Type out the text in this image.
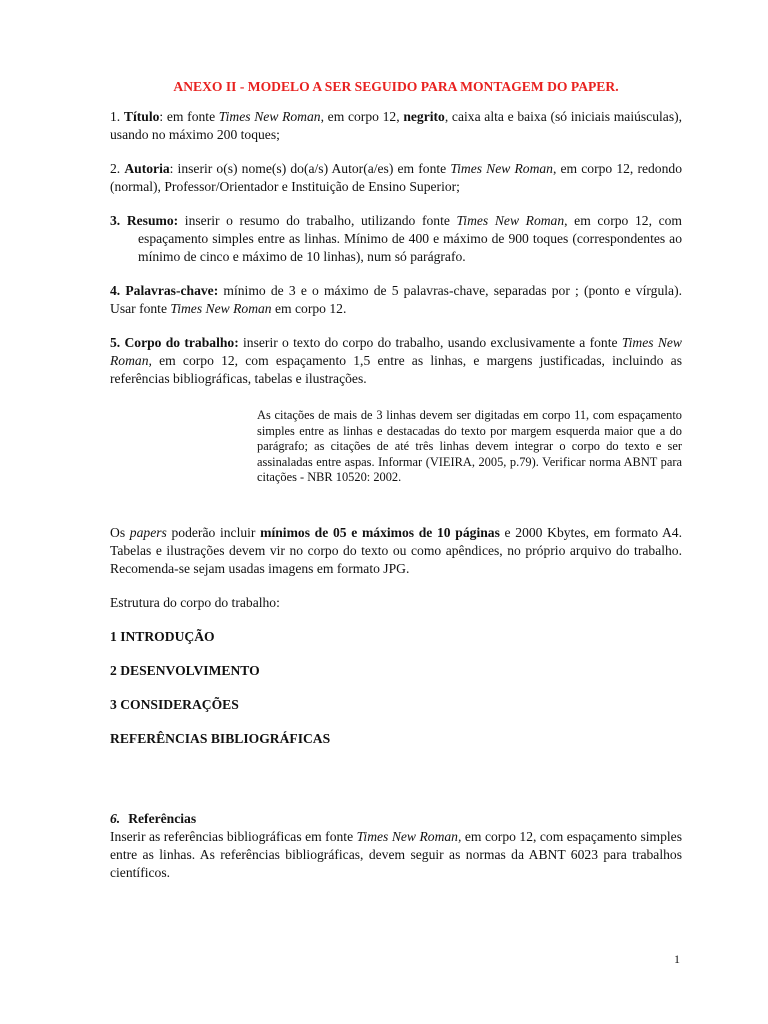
ANEXO II - MODELO A SER SEGUIDO PARA MONTAGEM DO PAPER.

1. Título: em fonte Times New Roman, em corpo 12, negrito, caixa alta e baixa (só iniciais maiúsculas), usando no máximo 200 toques;

2. Autoria: inserir o(s) nome(s) do(a/s) Autor(a/es) em fonte Times New Roman, em corpo 12, redondo (normal), Professor/Orientador e Instituição de Ensino Superior;

3. Resumo: inserir o resumo do trabalho, utilizando fonte Times New Roman, em corpo 12, com espaçamento simples entre as linhas. Mínimo de 400 e máximo de 900 toques (correspondentes ao mínimo de cinco e máximo de 10 linhas), num só parágrafo.

4. Palavras-chave: mínimo de 3 e o máximo de 5 palavras-chave, separadas por ; (ponto e vírgula). Usar fonte Times New Roman em corpo 12.

5. Corpo do trabalho: inserir o texto do corpo do trabalho, usando exclusivamente a fonte Times New Roman, em corpo 12, com espaçamento 1,5 entre as linhas, e margens justificadas, incluindo as referências bibliográficas, tabelas e ilustrações.

As citações de mais de 3 linhas devem ser digitadas em corpo 11, com espaçamento simples entre as linhas e destacadas do texto por margem esquerda maior que a do parágrafo; as citações de até três linhas devem integrar o corpo do texto e ser assinaladas entre aspas. Informar (VIEIRA, 2005, p.79). Verificar norma ABNT para citações - NBR 10520: 2002.

Os papers poderão incluir mínimos de 05 e máximos de 10 páginas e 2000 Kbytes, em formato A4. Tabelas e ilustrações devem vir no corpo do texto ou como apêndices, no próprio arquivo do trabalho. Recomenda-se sejam usadas imagens em formato JPG.

Estrutura do corpo do trabalho:

1 INTRODUÇÃO

2 DESENVOLVIMENTO

3 CONSIDERAÇÕES

REFERÊNCIAS BIBLIOGRÁFICAS

6. Referências

Inserir as referências bibliográficas em fonte Times New Roman, em corpo 12, com espaçamento simples entre as linhas. As referências bibliográficas, devem seguir as normas da ABNT 6023 para trabalhos científicos.

1
